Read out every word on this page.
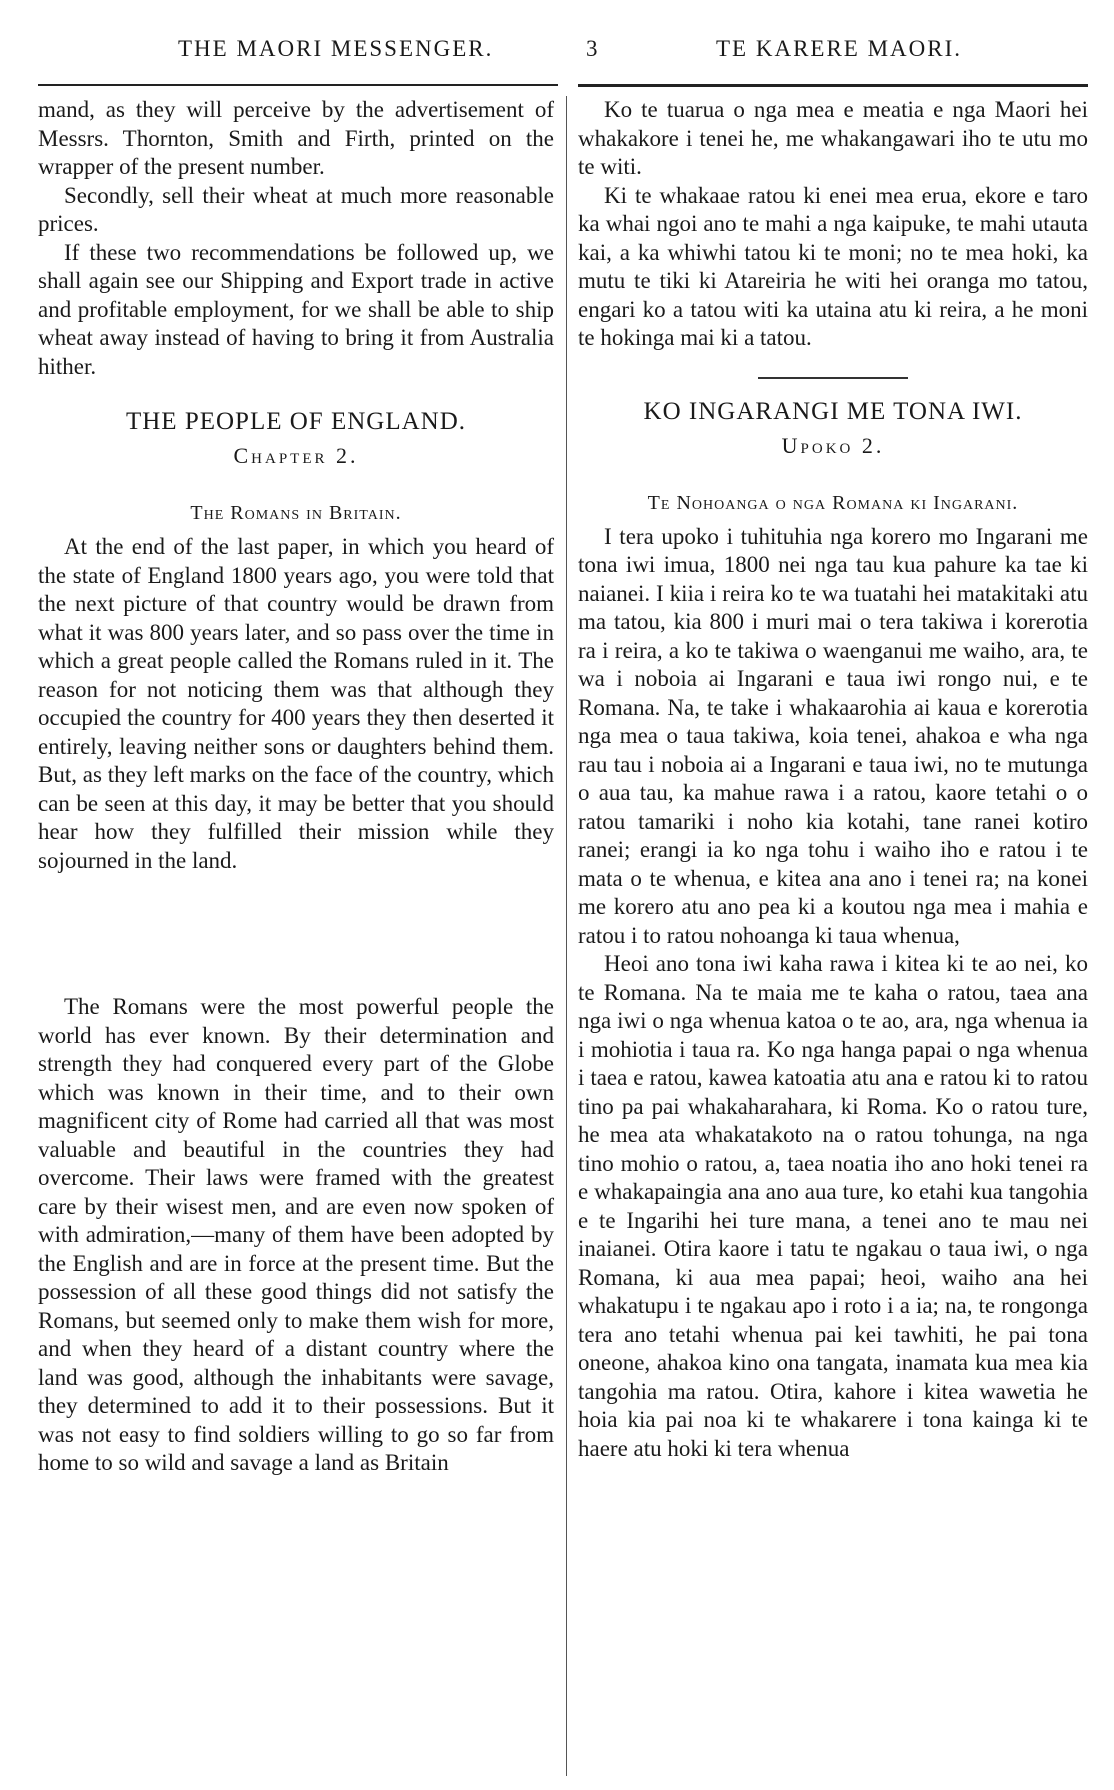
THE MAORI MESSENGER.	3	TE KARERE MAORI.

mand, as they will perceive by the advertisement of Messrs. Thornton, Smith and Firth, printed on the wrapper of the present number.

Secondly, sell their wheat at much more reasonable prices.

If these two recommendations be followed up, we shall again see our Shipping and Export trade in active and profitable employment, for we shall be able to ship wheat away instead of having to bring it from Australia hither.

THE PEOPLE OF ENGLAND.
Chapter 2.
The Romans in Britain.

At the end of the last paper, in which you heard of the state of England 1800 years ago, you were told that the next picture of that country would be drawn from what it was 800 years later, and so pass over the time in which a great people called the Romans ruled in it. The reason for not noticing them was that although they occupied the country for 400 years they then deserted it entirely, leaving neither sons or daughters behind them. But, as they left marks on the face of the country, which can be seen at this day, it may be better that you should hear how they fulfilled their mission while they sojourned in the land.

The Romans were the most powerful people the world has ever known. By their determination and strength they had conquered every part of the Globe which was known in their time, and to their own magnificent city of Rome had carried all that was most valuable and beautiful in the countries they had overcome. Their laws were framed with the greatest care by their wisest men, and are even now spoken of with admiration,—many of them have been adopted by the English and are in force at the present time. But the possession of all these good things did not satisfy the Romans, but seemed only to make them wish for more, and when they heard of a distant country where the land was good, although the inhabitants were savage, they determined to add it to their possessions. But it was not easy to find soldiers willing to go so far from home to so wild and savage a land as Britain

Ko te tuarua o nga mea e meatia e nga Maori hei whakakore i tenei he, me whakangawari iho te utu mo te witi.

Ki te whakaae ratou ki enei mea erua, ekore e taro ka whai ngoi ano te mahi a nga kaipuke, te mahi utauta kai, a ka whiwhi tatou ki te moni; no te mea hoki, ka mutu te tiki ki Atareiria he witi hei oranga mo tatou, engari ko a tatou witi ka utaina atu ki reira, a he moni te hokinga mai ki a tatou.

KO INGARANGI ME TONA IWI.
Upoko 2.
Te Nohoanga o nga Romana ki Ingarani.

I tera upoko i tuhituhia nga korero mo Ingarani me tona iwi imua, 1800 nei nga tau kua pahure ka tae ki naianei. I kiia i reira ko te wa tuatahi hei matakitaki atu ma tatou, kia 800 i muri mai o tera takiwa i korerotia ra i reira, a ko te takiwa o waenganui me waiho, ara, te wa i noboia ai Ingarani e taua iwi rongo nui, e te Romana. Na, te take i whakaarohia ai kaua e korerotia nga mea o taua takiwa, koia tenei, ahakoa e wha nga rau tau i noboia ai a Ingarani e taua iwi, no te mutunga o aua tau, ka mahue rawa i a ratou, kaore tetahi o o ratou tamariki i noho kia kotahi, tane ranei kotiro ranei; erangi ia ko nga tohu i waiho iho e ratou i te mata o te whenua, e kitea ana ano i tenei ra; na konei me korero atu ano pea ki a koutou nga mea i mahia e ratou i to ratou nohoanga ki taua whenua,

Heoi ano tona iwi kaha rawa i kitea ki te ao nei, ko te Romana. Na te maia me te kaha o ratou, taea ana nga iwi o nga whenua katoa o te ao, ara, nga whenua ia i mohiotia i taua ra. Ko nga hanga papai o nga whenua i taea e ratou, kawea katoatia atu ana e ratou ki to ratou tino pa pai whakaharahara, ki Roma. Ko o ratou ture, he mea ata whakatakoto na o ratou tohunga, na nga tino mohio o ratou, a, taea noatia iho ano hoki tenei ra e whakapaingia ana ano aua ture, ko etahi kua tangohia e te Ingarihi hei ture mana, a tenei ano te mau nei inaianei. Otira kaore i tatu te ngakau o taua iwi, o nga Romana, ki aua mea papai; heoi, waiho ana hei whakatupu i te ngakau apo i roto i a ia; na, te rongonga tera ano tetahi whenua pai kei tawhiti, he pai tona oneone, ahakoa kino ona tangata, inamata kua mea kia tangohia ma ratou. Otira, kahore i kitea wawetia he hoia kia pai noa ki te whakarere i tona kainga ki te haere atu hoki ki tera whenua
